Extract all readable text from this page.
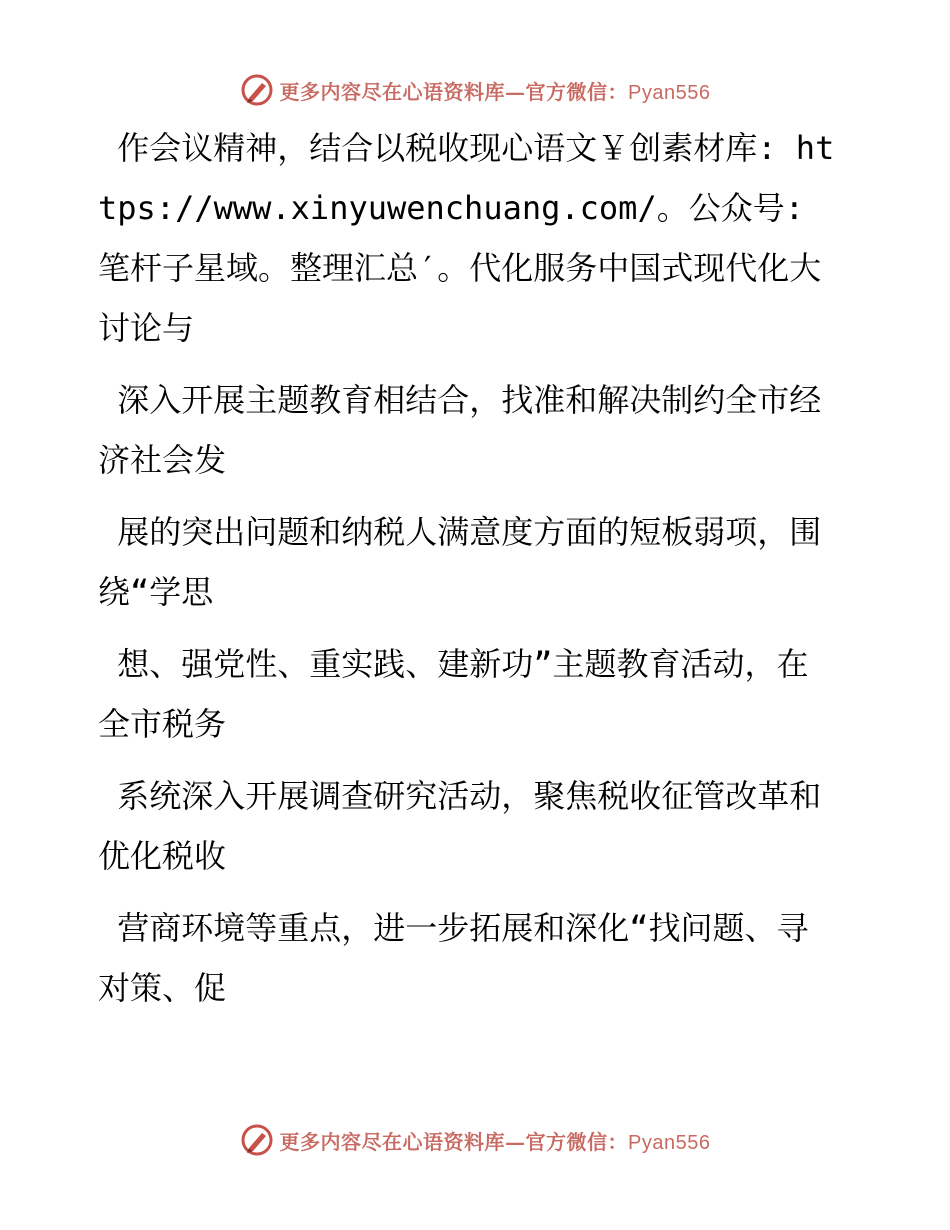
更多内容尽在心语资料库—官方微信：Pyan556

作会议精神，结合以税收现心语文￥创素材库: https://www.xinyuwenchuang.com/。公众号: 笔杆子星域。整理汇总′。代化服务中国式现代化大讨论与

深入开展主题教育相结合，找准和解决制约全市经济社会发

展的突出问题和纳税人满意度方面的短板弱项，围绕“学思

想、强党性、重实践、建新功”主题教育活动，在全市税务

系统深入开展调查研究活动，聚焦税收征管改革和优化税收

营商环境等重点，进一步拓展和深化“找问题、寻对策、促

更多内容尽在心语资料库—官方微信：Pyan556
